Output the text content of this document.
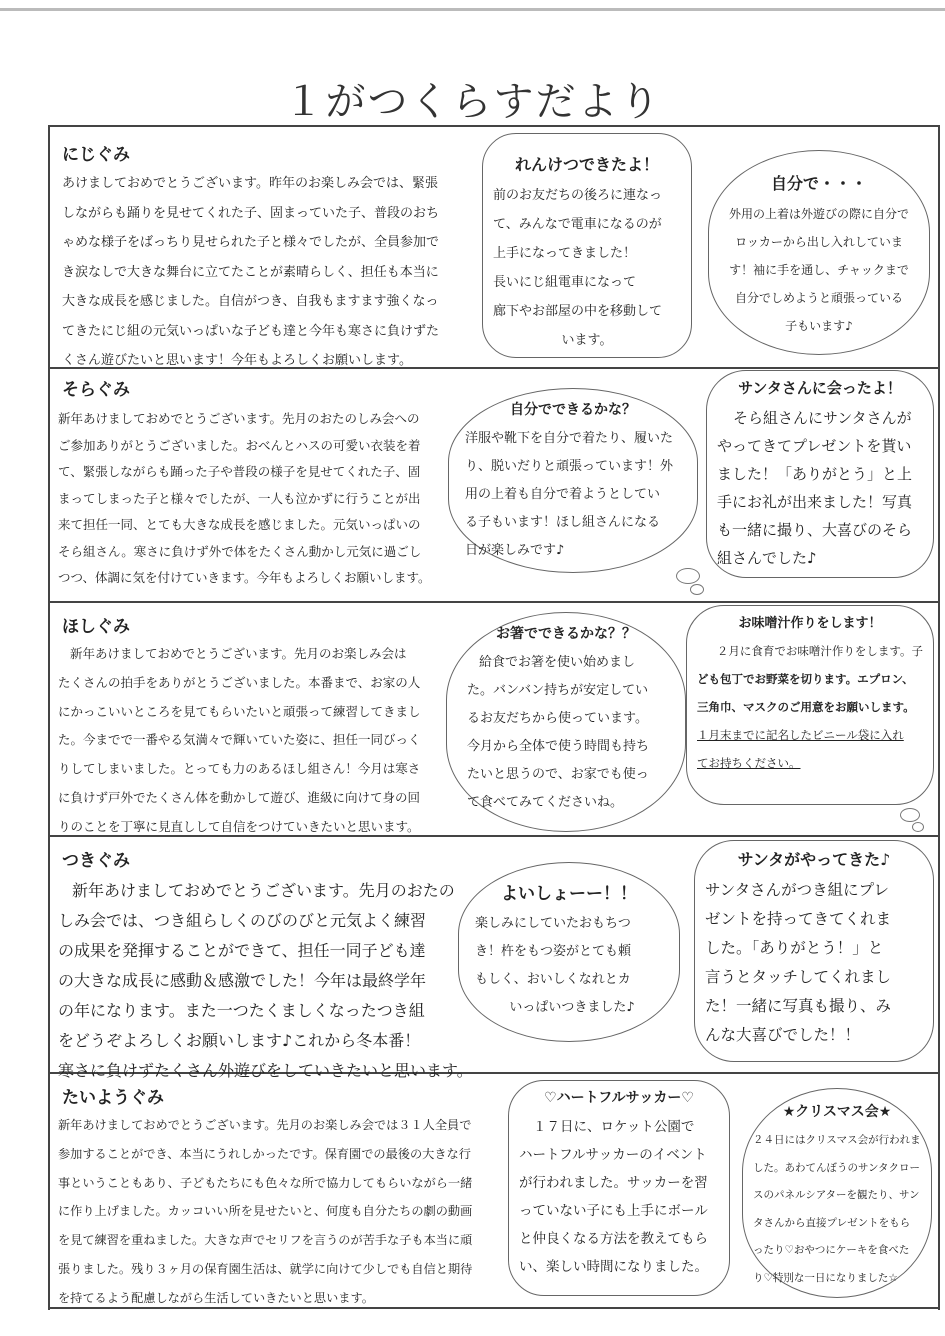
１がつくらすだより
にじぐみ
あけましておめでとうございます。昨年のお楽しみ会では、緊張
しながらも踊りを見せてくれた子、固まっていた子、普段のおち
ゃめな様子をばっちり見せられた子と様々でしたが、全員参加で
き涙なしで大きな舞台に立てたことが素晴らしく、担任も本当に
大きな成長を感じました。自信がつき、自我もますます強くなっ
てきたにじ組の元気いっぱいな子ども達と今年も寒さに負けずた
くさん遊びたいと思います！今年もよろしくお願いします。
れんけつできたよ！
前のお友だちの後ろに連なっ
て、みんなで電車になるのが
上手になってきました！
長いにじ組電車になって
廊下やお部屋の中を移動して
います。
自分で・・・
外用の上着は外遊びの際に自分で
ロッカーから出し入れしていま
す！袖に手を通し、チャックまで
自分でしめようと頑張っている
子もいます♪
そらぐみ
新年あけましておめでとうございます。先月のおたのしみ会への
ご参加ありがとうございました。おべんとハスの可愛い衣装を着
て、緊張しながらも踊った子や普段の様子を見せてくれた子、固
まってしまった子と様々でしたが、一人も泣かずに行うことが出
来て担任一同、とても大きな成長を感じました。元気いっぱいの
そら組さん。寒さに負けず外で体をたくさん動かし元気に過ごし
つつ、体調に気を付けていきます。今年もよろしくお願いします。
自分でできるかな？
洋服や靴下を自分で着たり、履いた
り、脱いだりと頑張っています！外
用の上着も自分で着ようとしてい
る子もいます！ほし組さんになる
日が楽しみです♪
サンタさんに会ったよ！
そら組さんにサンタさんが
やってきてプレゼントを貰い
ました！「ありがとう」と上
手にお礼が出来ました！写真
も一緒に撮り、大喜びのそら
組さんでした♪
ほしぐみ
新年あけましておめでとうございます。先月のお楽しみ会は
たくさんの拍手をありがとうございました。本番まで、お家の人
にかっこいいところを見てもらいたいと頑張って練習してきまし
た。今までで一番やる気満々で輝いていた姿に、担任一同びっく
りしてしまいました。とっても力のあるほし組さん！今月は寒さ
に負けず戸外でたくさん体を動かして遊び、進級に向けて身の回
りのことを丁寧に見直しして自信をつけていきたいと思います。
お箸でできるかな？？
給食でお箸を使い始めまし
た。バンバン持ちが安定してい
るお友だちから使っています。
今月から全体で使う時間も持ち
たいと思うので、お家でも使っ
て食べてみてくださいね。
お味噌汁作りをします！
２月に食育でお味噌汁作りをします。子
ども包丁でお野菜を切ります。エプロン、
三角巾、マスクのご用意をお願いします。
１月末までに記名したビニール袋に入れ
てお持ちください。
つきぐみ
新年あけましておめでとうございます。先月のおたの
しみ会では、つき組らしくのびのびと元気よく練習
の成果を発揮することができて、担任一同子ども達
の大きな成長に感動＆感激でした！今年は最終学年
の年になります。また一つたくましくなったつき組
をどうぞよろしくお願いします♪これから冬本番！
寒さに負けずたくさん外遊びをしていきたいと思います。
よいしょーー！！
楽しみにしていたおもちつ
き！杵をもつ姿がとても頼
もしく、おいしくなれとカ
いっぱいつきました♪
サンタがやってきた♪
サンタさんがつき組にプレ
ゼントを持ってきてくれま
した。「ありがとう！」と
言うとタッチしてくれまし
た！一緒に写真も撮り、み
んな大喜びでした！！
たいようぐみ
新年あけましておめでとうございます。先月のお楽しみ会では３１人全員で
参加することができ、本当にうれしかったです。保育園での最後の大きな行
事ということもあり、子どもたちにも色々な所で協力してもらいながら一緒
に作り上げました。カッコいい所を見せたいと、何度も自分たちの劇の動画
を見て練習を重ねました。大きな声でセリフを言うのが苦手な子も本当に頑
張りました。残り３ヶ月の保育園生活は、就学に向けて少しでも自信と期待
を持てるよう配慮しながら生活していきたいと思います。
♡ハートフルサッカー♡
１７日に、ロケット公園で
ハートフルサッカーのイベント
が行われました。サッカーを習
っていない子にも上手にボール
と仲良くなる方法を教えてもら
い、楽しい時間になりました。
★クリスマス会★
２４日にはクリスマス会が行われま
した。あわてんぼうのサンタクロー
スのパネルシアターを観たり、サン
タさんから直接プレゼントをもら
ったり♡おやつにケーキを食べた
り♡特別な一日になりました☆
